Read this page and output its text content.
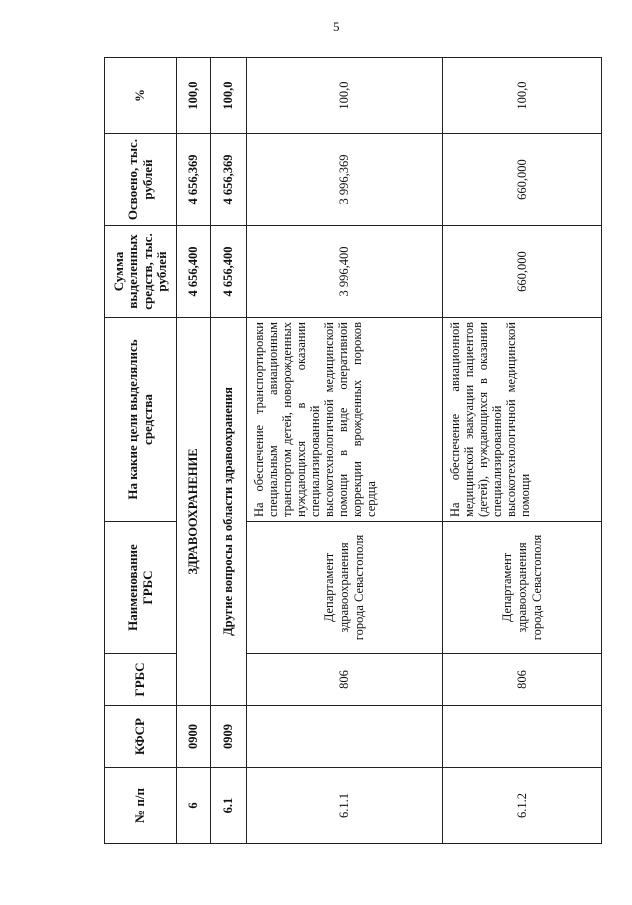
5
№ п/п	КФСР	ГРБС	Наименование ГРБС	На какие цели выделялись средства	Сумма выделенных средств, тыс. рублей	Освоено, тыс. рублей	%
6	0900	ЗДРАВООХРАНЕНИЕ			4 656,400	4 656,369	100,0
6.1	0909	Другие вопросы в области здравоохранения			4 656,400	4 656,369	100,0
6.1.1		806	Департамент здравоохранения города Севастополя	На обеспечение транспортировки специальным авиационным транспортом детей, новорожденных нуждающихся в оказании специализированной высокотехнологичной медицинской помощи в виде оперативной коррекции врожденных пороков сердца	3 996,400	3 996,369	100,0
6.1.2		806	Департамент здравоохранения города Севастополя	На обеспечение авиационной медицинской эвакуации пациентов (детей), нуждающихся в оказании специализированной высокотехнологичной медицинской помощи	660,000	660,000	100,0
